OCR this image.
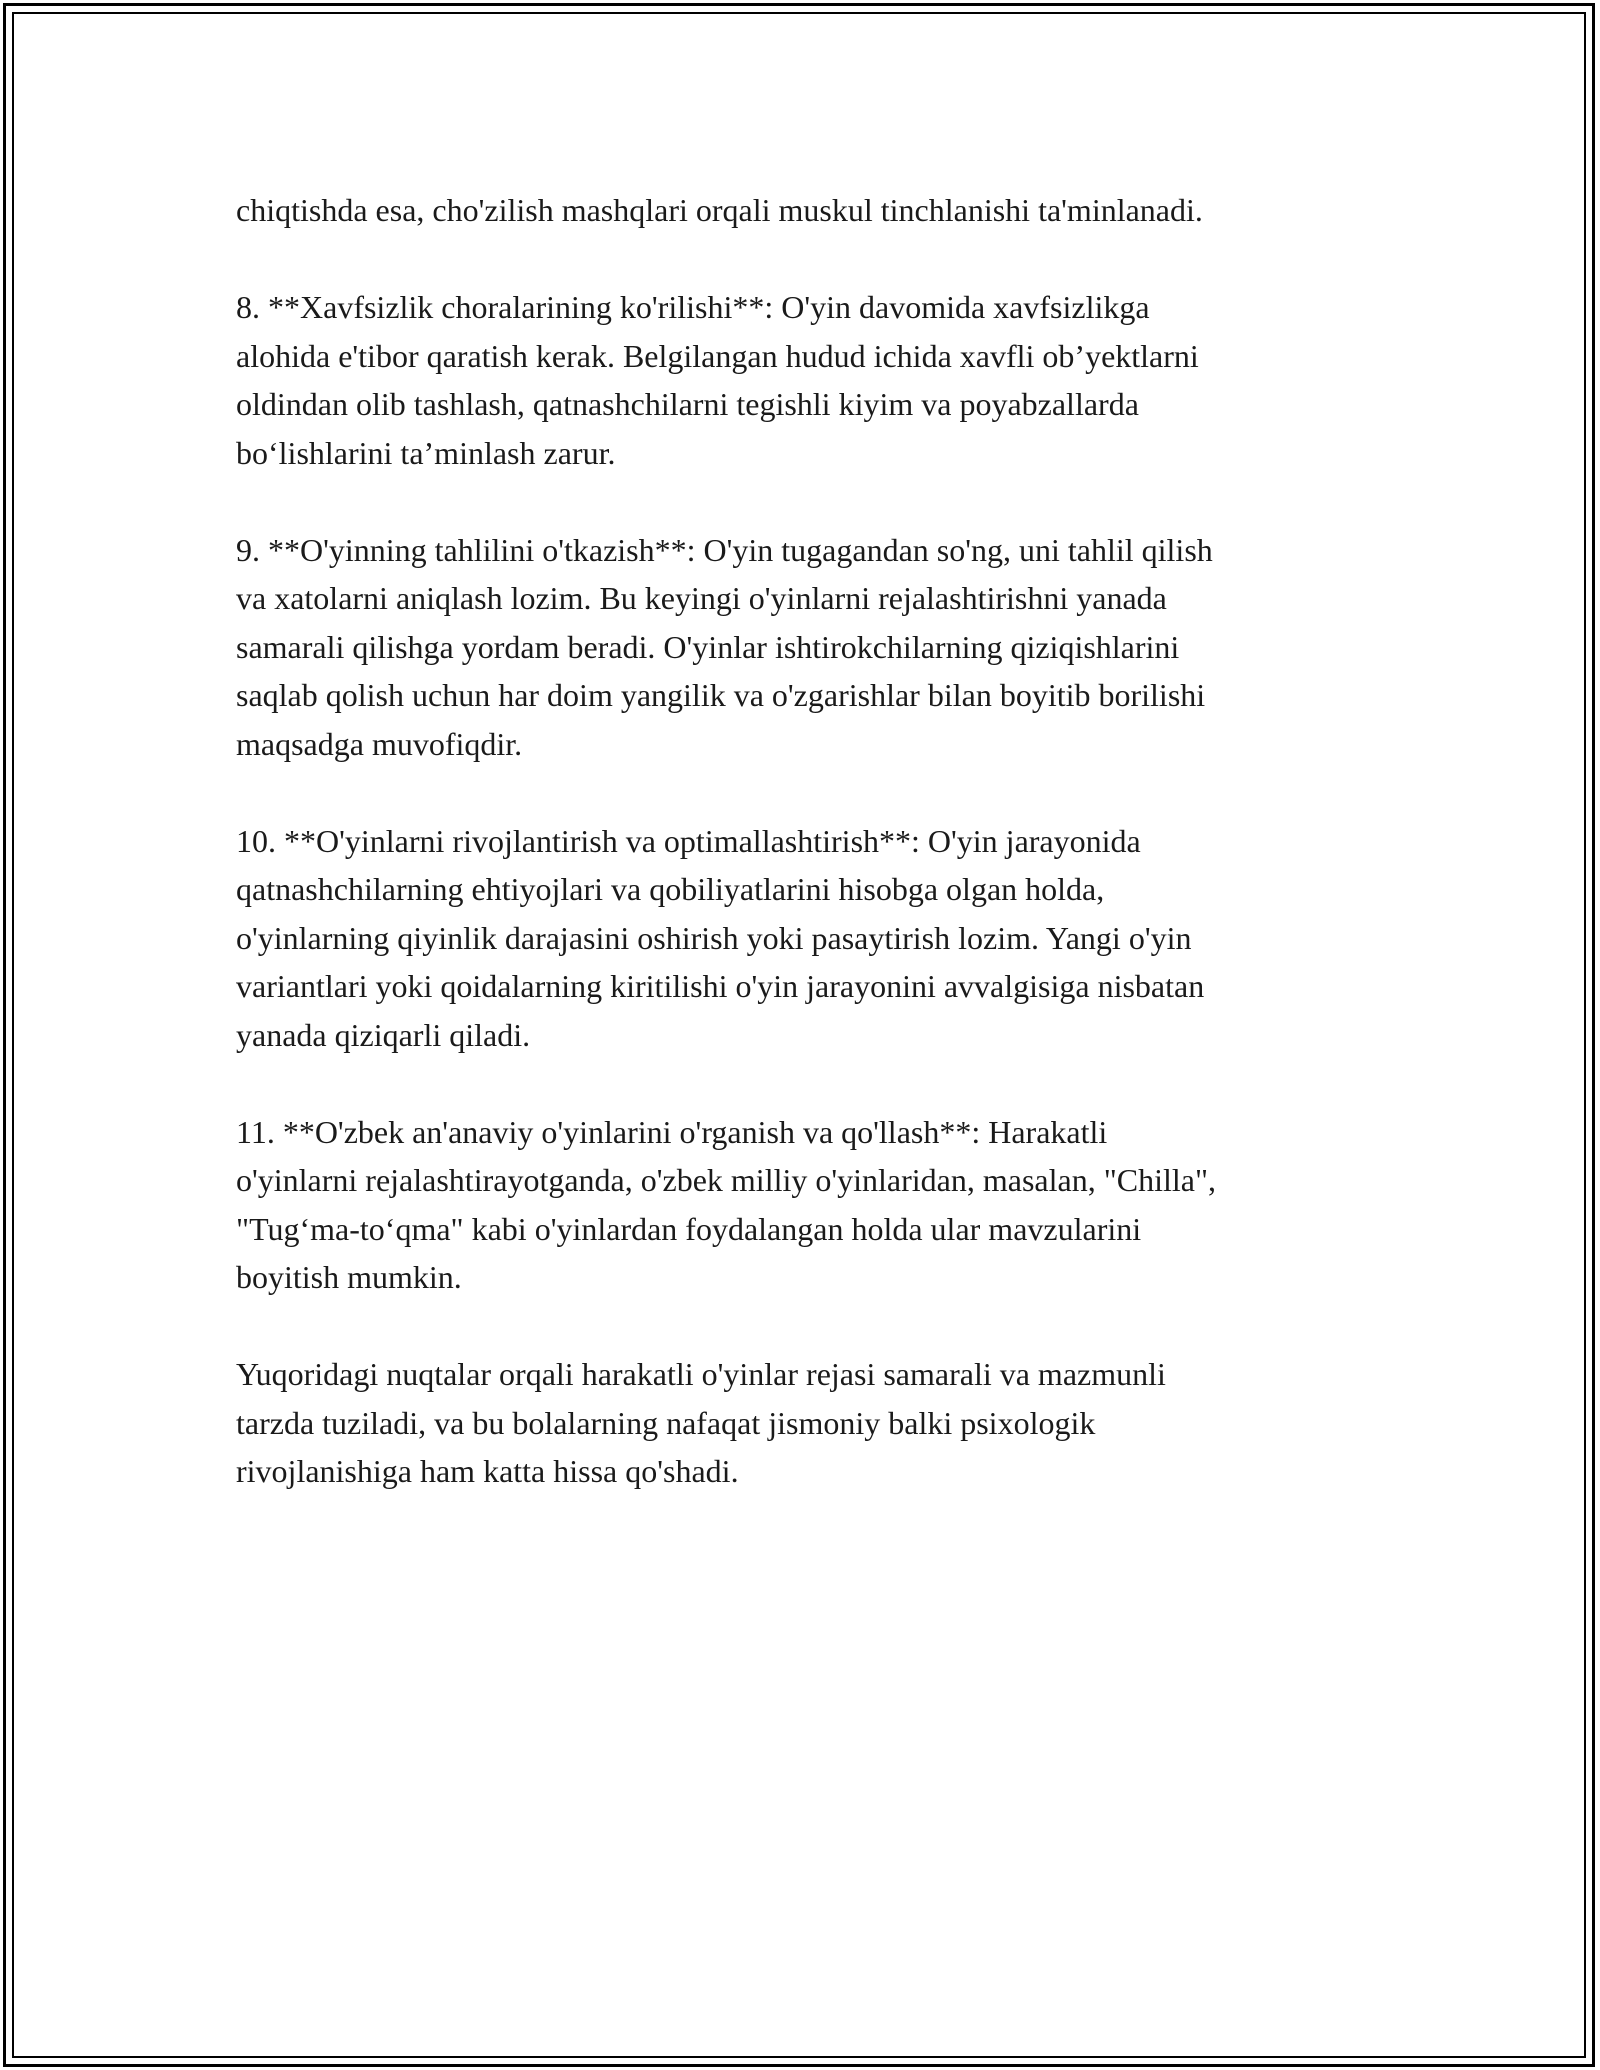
chiqtishda esa, cho'zilish mashqlari orqali muskul tinchlanishi ta'minlanadi.

8. **Xavfsizlik choralarining ko'rilishi**: O'yin davomida xavfsizlikga
alohida e'tibor qaratish kerak. Belgilangan hudud ichida xavfli ob’yektlarni
oldindan olib tashlash, qatnashchilarni tegishli kiyim va poyabzallarda
bo‘lishlarini ta’minlash zarur.

9. **O'yinning tahlilini o'tkazish**: O'yin tugagandan so'ng, uni tahlil qilish
va xatolarni aniqlash lozim. Bu keyingi o'yinlarni rejalashtirishni yanada
samarali qilishga yordam beradi. O'yinlar ishtirokchilarning qiziqishlarini
saqlab qolish uchun har doim yangilik va o'zgarishlar bilan boyitib borilishi
maqsadga muvofiqdir.

10. **O'yinlarni rivojlantirish va optimallashtirish**: O'yin jarayonida
qatnashchilarning ehtiyojlari va qobiliyatlarini hisobga olgan holda,
o'yinlarning qiyinlik darajasini oshirish yoki pasaytirish lozim. Yangi o'yin
variantlari yoki qoidalarning kiritilishi o'yin jarayonini avvalgisiga nisbatan
yanada qiziqarli qiladi.

11. **O'zbek an'anaviy o'yinlarini o'rganish va qo'llash**: Harakatli
o'yinlarni rejalashtirayotganda, o'zbek milliy o'yinlaridan, masalan, "Chilla",
"Tug‘ma-to‘qma" kabi o'yinlardan foydalangan holda ular mavzularini
boyitish mumkin.

Yuqoridagi nuqtalar orqali harakatli o'yinlar rejasi samarali va mazmunli
tarzda tuziladi, va bu bolalarning nafaqat jismoniy balki psixologik
rivojlanishiga ham katta hissa qo'shadi.
